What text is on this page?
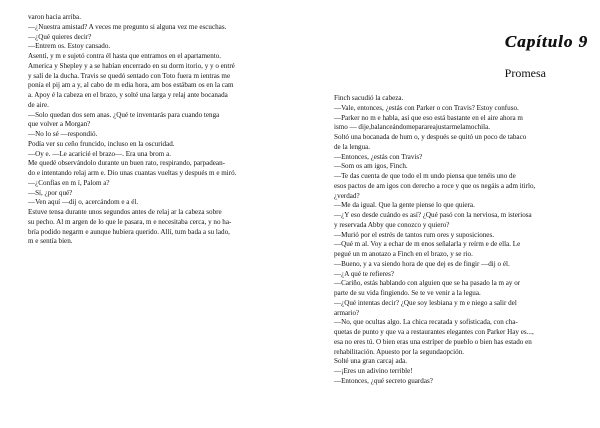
varon hacia arriba.

—¿Nuestra amistad? A veces me pregunto si alguna vez me escuchas.

—¿Qué quieres decir?

—Entrem os. Estoy cansado.

Asentí, y m e sujetó contra él hasta que entramos en el apartamento.

America y Shepley y a se habían encerrado en su dorm itorio, y y o entré

y salí de la ducha. Travis se quedó sentado con Toto fuera m ientras me

ponía el pij am a y, al cabo de m edia hora, am bos estábam os en la cam

a. Apoy é la cabeza en el brazo, y solté una larga y relaj ante bocanada

de aire.

—Solo quedan dos sem anas. ¿Qué te inventarás para cuando tenga

que volver a Morgan?

—No lo sé —respondió.

Podía ver su ceño fruncido, incluso en la oscuridad.

—Oy e. —Le acaricié el brazo—. Era una brom a.

Me quedé observándolo durante un buen rato, respirando, parpadean-

do e intentando relaj arm e. Dio unas cuantas vueltas y después m e miró.

—¿Confías en m í, Palom a?

—Sí, ¿por qué?

—Ven aquí —dij o, acercándom e a él.

Estuve tensa durante unos segundos antes de relaj ar la cabeza sobre

su pecho. Al m argen de lo que le pasara, m e necesitaba cerca, y no ha-

bría podido negarm e aunque hubiera querido. Allí, tum bada a su lado,

m e sentía bien.

Capítulo 9

Promesa

Finch sacudió la cabeza.

—Vale, entonces, ¿estás con Parker o con Travis? Estoy confuso.

—Parker no m e habla, así que eso está bastante en el aire ahora m

ismo — dije,balanceándomeparareajustarmelamochila.

Soltó una bocanada de hum o, y después se quitó un poco de tabaco

de la lengua.

—Entonces, ¿estás con Travis?

—Som os am igos, Finch.

—Te das cuenta de que todo el m undo piensa que tenéis uno de

esos pactos de am igos con derecho a roce y que os negáis a adm itirlo,

¿verdad?

—Me da igual. Que la gente piense lo que quiera.

—¿Y eso desde cuándo es así? ¿Qué pasó con la nerviosa, m isteriosa

y reservada Abby que conozco y quiero?

—Murió por el estrés de tantos rum ores y suposiciones.

—Qué m al. Voy a echar de m enos señalarla y reírm e de ella. Le

pegué un m anotazo a Finch en el brazo, y se rio.

—Bueno, y a va siendo hora de que dej es de fingir —dij o él.

—¿A qué te refieres?

—Cariño, estás hablando con alguien que se ha pasado la m ay or

parte de su vida fingiendo. Se te ve venir a la legua.

—¿Qué intentas decir? ¿Que soy lesbiana y m e niego a salir del

armario?

—No, que ocultas algo. La chica recatada y sofisticada, con cha-

quetas de punto y que va a restaurantes elegantes con Parker Hay es...,

esa no eres tú. O bien eras una estríper de pueblo o bien has estado en

rehabilitación. Apuesto por la segundaopción.

Solté una gran carcaj ada.

—¡Eres un adivino terrible!

—Entonces, ¿qué secreto guardas?
